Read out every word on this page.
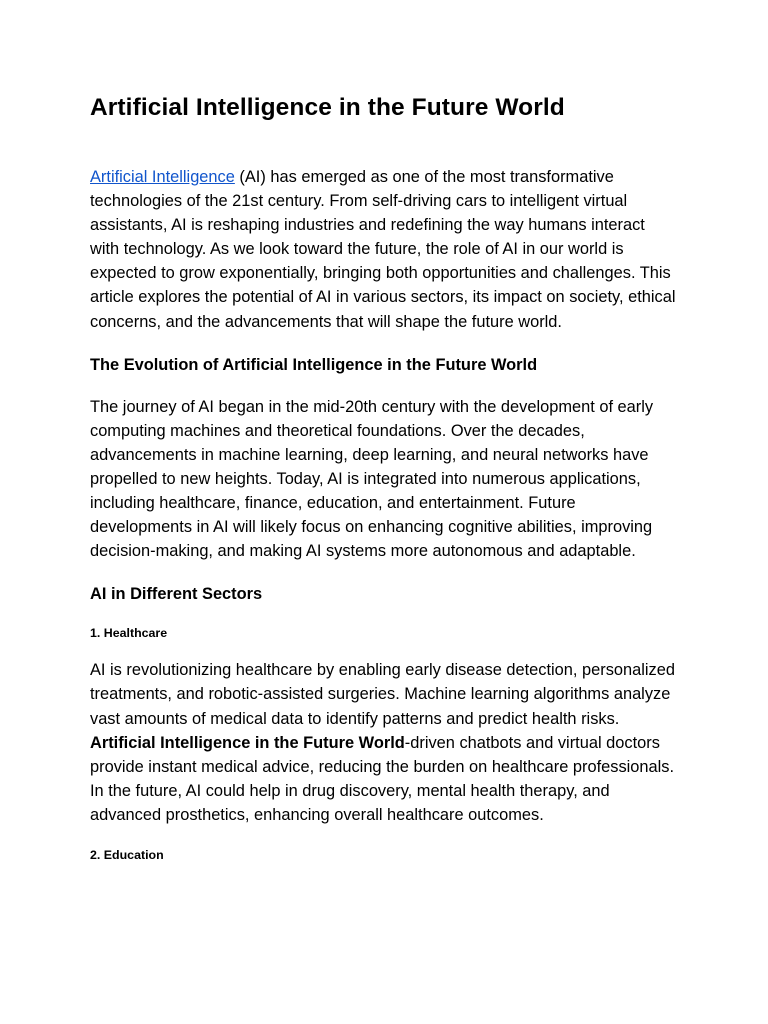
Artificial Intelligence in the Future World

Artificial Intelligence (AI) has emerged as one of the most transformative technologies of the 21st century. From self-driving cars to intelligent virtual assistants, AI is reshaping industries and redefining the way humans interact with technology. As we look toward the future, the role of AI in our world is expected to grow exponentially, bringing both opportunities and challenges. This article explores the potential of AI in various sectors, its impact on society, ethical concerns, and the advancements that will shape the future world.

The Evolution of Artificial Intelligence in the Future World

The journey of AI began in the mid-20th century with the development of early computing machines and theoretical foundations. Over the decades, advancements in machine learning, deep learning, and neural networks have propelled to new heights. Today, AI is integrated into numerous applications, including healthcare, finance, education, and entertainment. Future developments in AI will likely focus on enhancing cognitive abilities, improving decision-making, and making AI systems more autonomous and adaptable.

AI in Different Sectors
1. Healthcare

AI is revolutionizing healthcare by enabling early disease detection, personalized treatments, and robotic-assisted surgeries. Machine learning algorithms analyze vast amounts of medical data to identify patterns and predict health risks. Artificial Intelligence in the Future World-driven chatbots and virtual doctors provide instant medical advice, reducing the burden on healthcare professionals. In the future, AI could help in drug discovery, mental health therapy, and advanced prosthetics, enhancing overall healthcare outcomes.

2. Education
